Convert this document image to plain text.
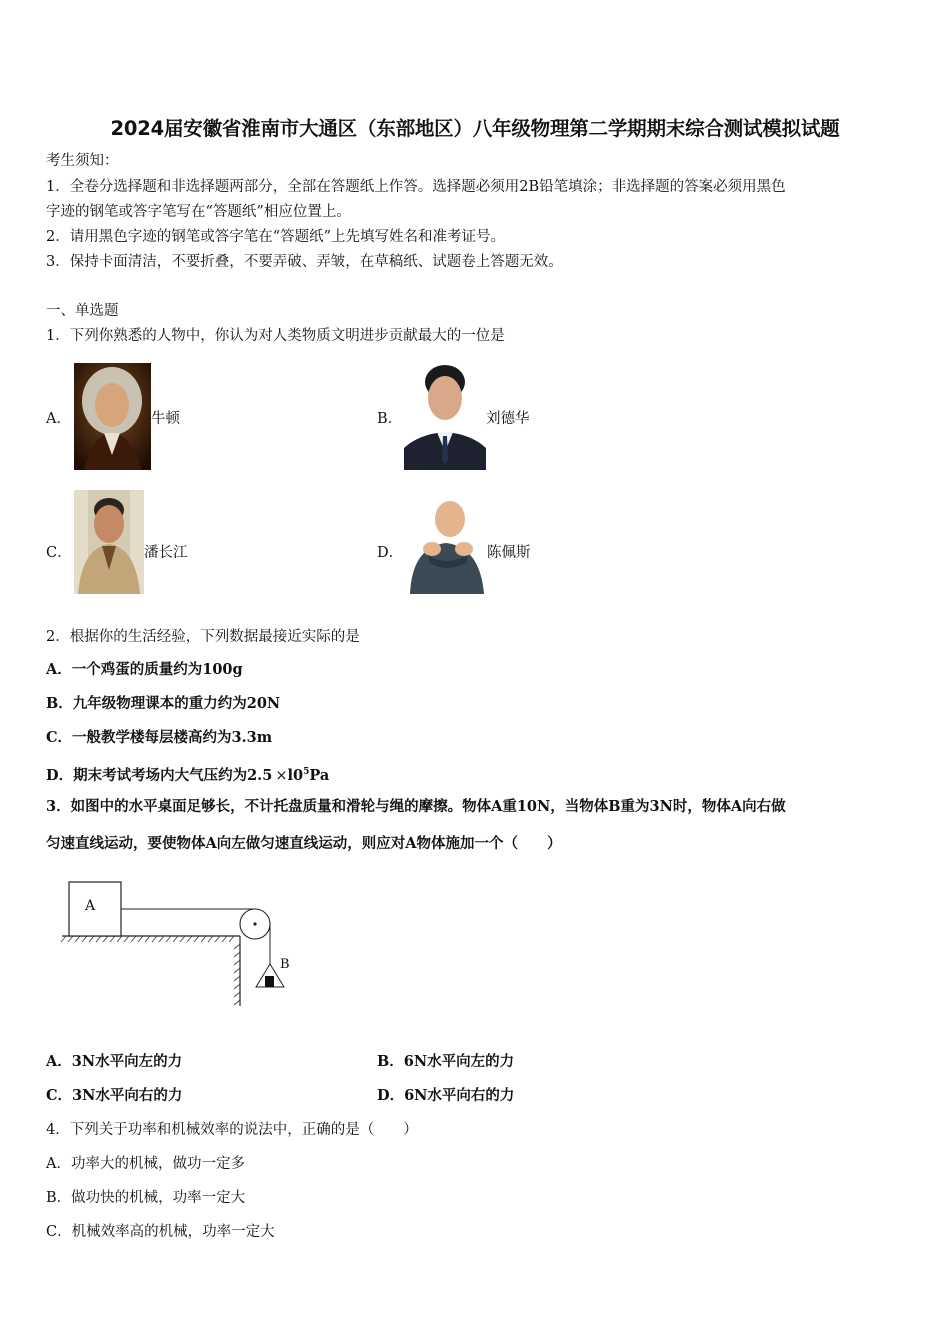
2024届安徽省淮南市大通区（东部地区）八年级物理第二学期期末综合测试模拟试题
考生须知：
1．全卷分选择题和非选择题两部分，全部在答题纸上作答。选择题必须用2B铅笔填涂；非选择题的答案必须用黑色
字迹的钢笔或答字笔写在“答题纸”相应位置上。
2．请用黑色字迹的钢笔或答字笔在“答题纸”上先填写姓名和准考证号。
3．保持卡面清洁，不要折叠，不要弄破、弄皱，在草稿纸、试题卷上答题无效。
一、单选题
1．下列你熟悉的人物中，你认为对人类物质文明进步贡献最大的一位是
A．	牛顿	B．	刘德华
C．	潘长江	D．	陈佩斯
2．根据你的生活经验，下列数据最接近实际的是
A．一个鸡蛋的质量约为100g
B．九年级物理课本的重力约为20N
C．一般教学楼每层楼高约为3.3m
D．期末考试考场内大气压约为$2.5 \times l0^5Pa$
3．如图中的水平桌面足够长，不计托盘质量和滑轮与绳的摩擦。物体A重10N，当物体B重为3N时，物体A向右做
匀速直线运动，要使物体A向左做匀速直线运动，则应对A物体施加一个（　　）
A
B
A．3N水平向左的力	B．6N水平向左的力
C．3N水平向右的力	D．6N水平向右的力
4．下列关于功率和机械效率的说法中，正确的是（　　）
A．功率大的机械，做功一定多
B．做功快的机械，功率一定大
C．机械效率高的机械，功率一定大
